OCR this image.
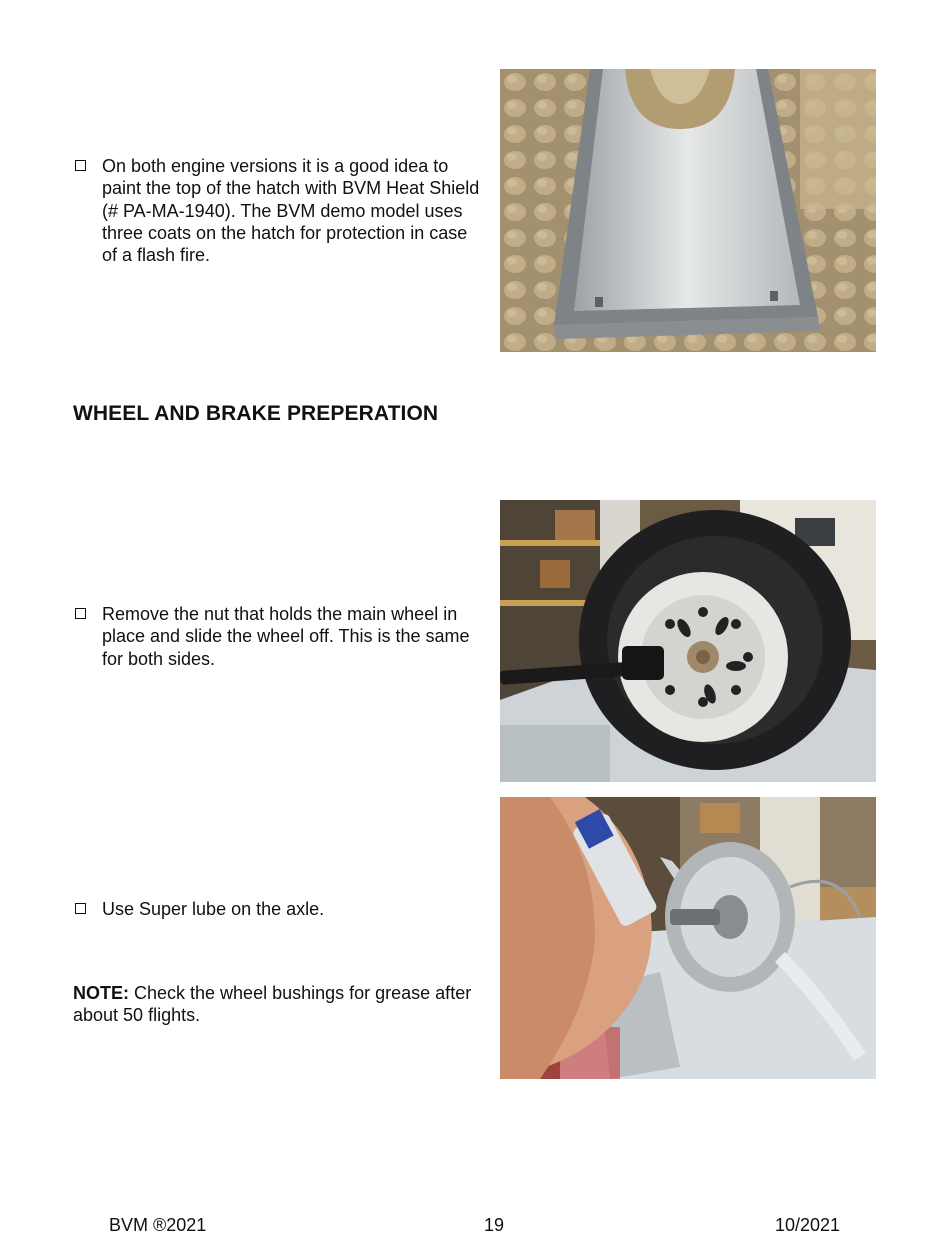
On both engine versions it is a good idea to paint the top of the hatch with BVM Heat Shield (# PA-MA-1940). The BVM demo model uses three coats on the hatch for protection in case of a flash fire.
WHEEL AND BRAKE PREPERATION
Remove the nut that holds the main wheel in place and slide the wheel off. This is the same for both sides.
Use Super lube on the axle.
NOTE: Check the wheel bushings for grease after about 50 flights.
BVM ®2021	19	10/2021
